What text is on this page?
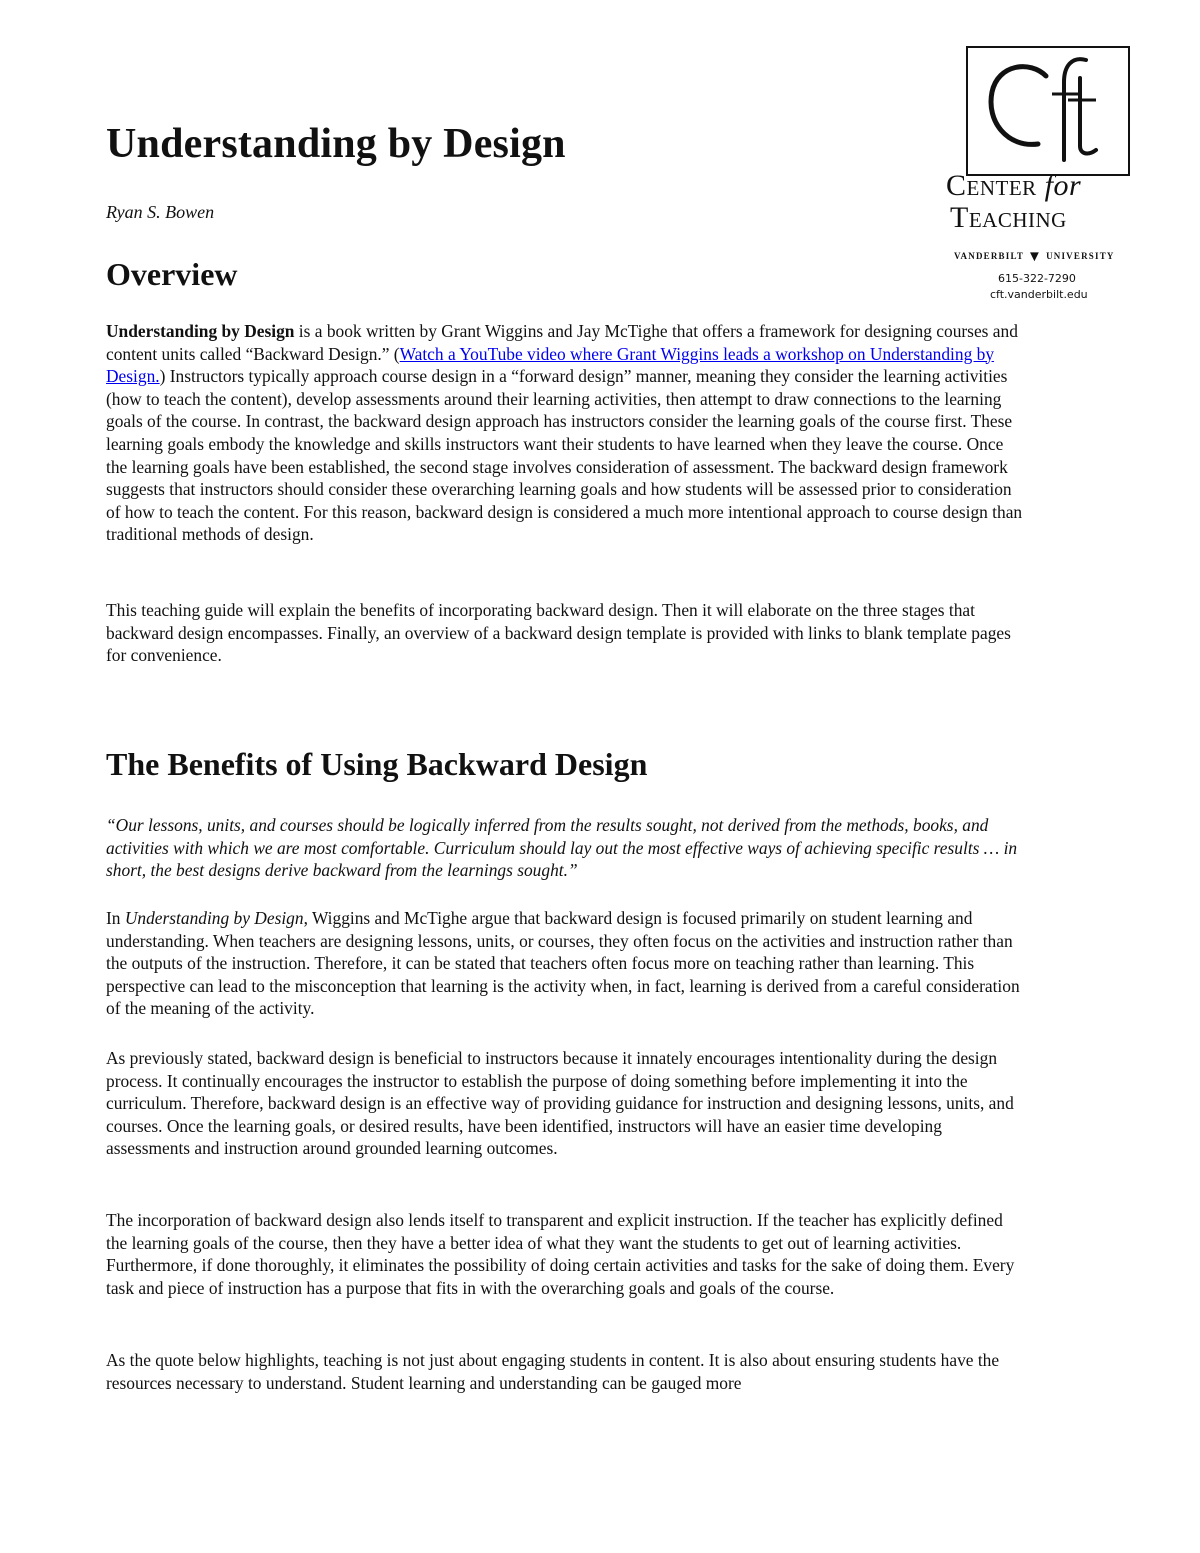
Center for
Teaching
VANDERBILT ▼ UNIVERSITY
615-322-7290
cft.vanderbilt.edu
Understanding by Design

Ryan S. Bowen

Overview

Understanding by Design is a book written by Grant Wiggins and Jay McTighe that offers a framework for designing courses and content units called “Backward Design.” (Watch a YouTube video where Grant Wiggins leads a workshop on Understanding by Design.) Instructors typically approach course design in a “forward design” manner, meaning they consider the learning activities (how to teach the content), develop assessments around their learning activities, then attempt to draw connections to the learning goals of the course. In contrast, the backward design approach has instructors consider the learning goals of the course first. These learning goals embody the knowledge and skills instructors want their students to have learned when they leave the course. Once the learning goals have been established, the second stage involves consideration of assessment. The backward design framework suggests that instructors should consider these overarching learning goals and how students will be assessed prior to consideration of how to teach the content. For this reason, backward design is considered a much more intentional approach to course design than traditional methods of design.

This teaching guide will explain the benefits of incorporating backward design. Then it will elaborate on the three stages that backward design encompasses. Finally, an overview of a backward design template is provided with links to blank template pages for convenience.

The Benefits of Using Backward Design

“Our lessons, units, and courses should be logically inferred from the results sought, not derived from the methods, books, and activities with which we are most comfortable. Curriculum should lay out the most effective ways of achieving specific results … in short, the best designs derive backward from the learnings sought.”

In Understanding by Design, Wiggins and McTighe argue that backward design is focused primarily on student learning and understanding. When teachers are designing lessons, units, or courses, they often focus on the activities and instruction rather than the outputs of the instruction. Therefore, it can be stated that teachers often focus more on teaching rather than learning. This perspective can lead to the misconception that learning is the activity when, in fact, learning is derived from a careful consideration of the meaning of the activity.

As previously stated, backward design is beneficial to instructors because it innately encourages intentionality during the design process. It continually encourages the instructor to establish the purpose of doing something before implementing it into the curriculum. Therefore, backward design is an effective way of providing guidance for instruction and designing lessons, units, and courses. Once the learning goals, or desired results, have been identified, instructors will have an easier time developing assessments and instruction around grounded learning outcomes.

The incorporation of backward design also lends itself to transparent and explicit instruction. If the teacher has explicitly defined the learning goals of the course, then they have a better idea of what they want the students to get out of learning activities. Furthermore, if done thoroughly, it eliminates the possibility of doing certain activities and tasks for the sake of doing them. Every task and piece of instruction has a purpose that fits in with the overarching goals and goals of the course.

As the quote below highlights, teaching is not just about engaging students in content. It is also about ensuring students have the resources necessary to understand. Student learning and understanding can be gauged more
